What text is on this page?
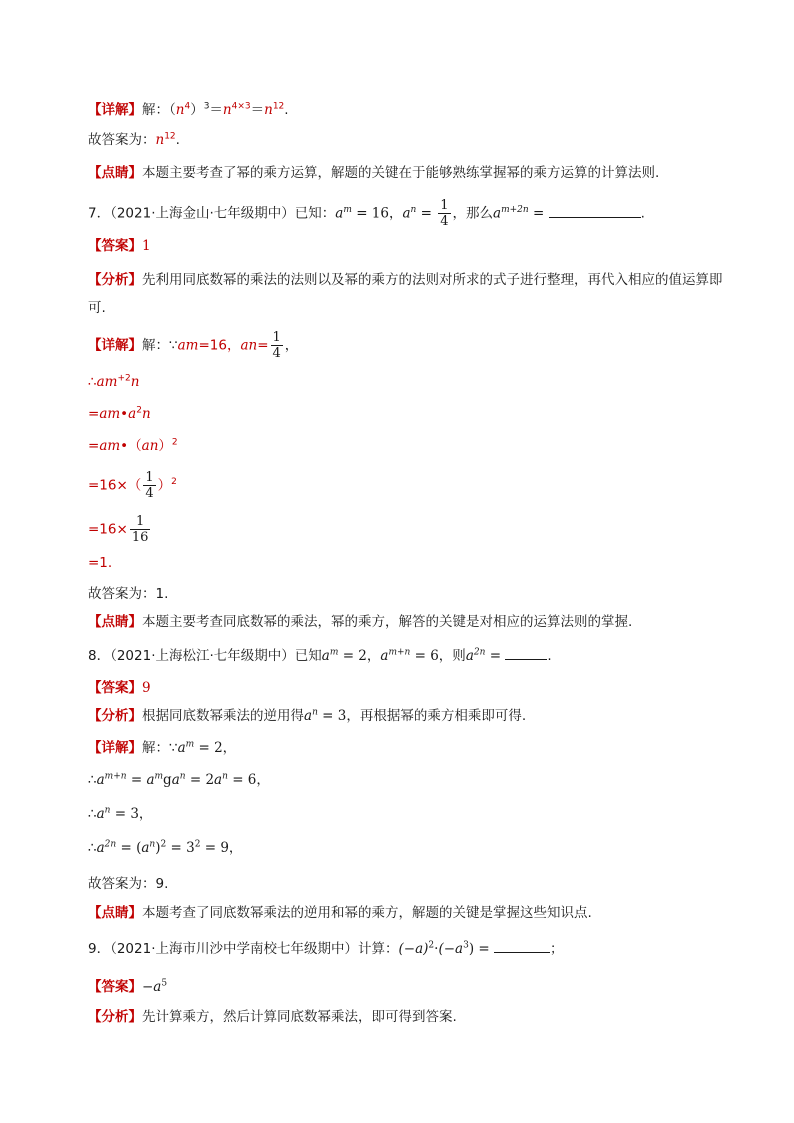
【详解】解：$(n^4)^3=n^{4\times 3}=n^{12}$.
故答案为：$n^{12}$.
【点睛】本题主要考查了幂的乘方运算，解题的关键在于能够熟练掌握幂的乘方运算的计算法则.
7．（2021·上海金山·七年级期中）已知：$a^m = 16$，$a^n = \frac{1}{4}$ ，那么$a^{m+2n}$ =	.
【答案】1
【分析】先利用同底数幂的乘法的法则以及幂的乘方的法则对所求的式子进行整理，再代入相应的值运算即可.
【详解】解：∵am=16，$an= \frac{1}{4}$ ，
$\therefore am^{+2}n$
$=am•a^2n$
=am•（an）$^2$
$=16\times( \frac{1}{4} )^2$
$=16\times \frac{1}{16}$
=1.
故答案为：1.
【点睛】本题主要考查同底数幂的乘法，幂的乘方，解答的关键是对相应的运算法则的掌握.
8．（2021·上海松江·七年级期中）已知$a^m = 2$，$a^{m+n} = 6$，则$a^{2n}$ =	.
【答案】9
【分析】根据同底数幂乘法的逆用得$a^n = 3$，再根据幂的乘方相乘即可得.
【详解】解：$\because a^m = 2$，
$\therefore a^{m+n} = a^mga^n = 2a^n = 6$，
$\therefore a^n = 3$，
$\therefore a^{2n} = (a^n)^2 = 3^2 = 9$，
故答案为：9.
【点睛】本题考查了同底数幂乘法的逆用和幂的乘方，解题的关键是掌握这些知识点.
9．（2021·上海市川沙中学南校七年级期中）计算：$(-a)^2\cdot(-a^3)$ =	；
【答案】$-a^5$
【分析】先计算乘方，然后计算同底数幂乘法，即可得到答案.
